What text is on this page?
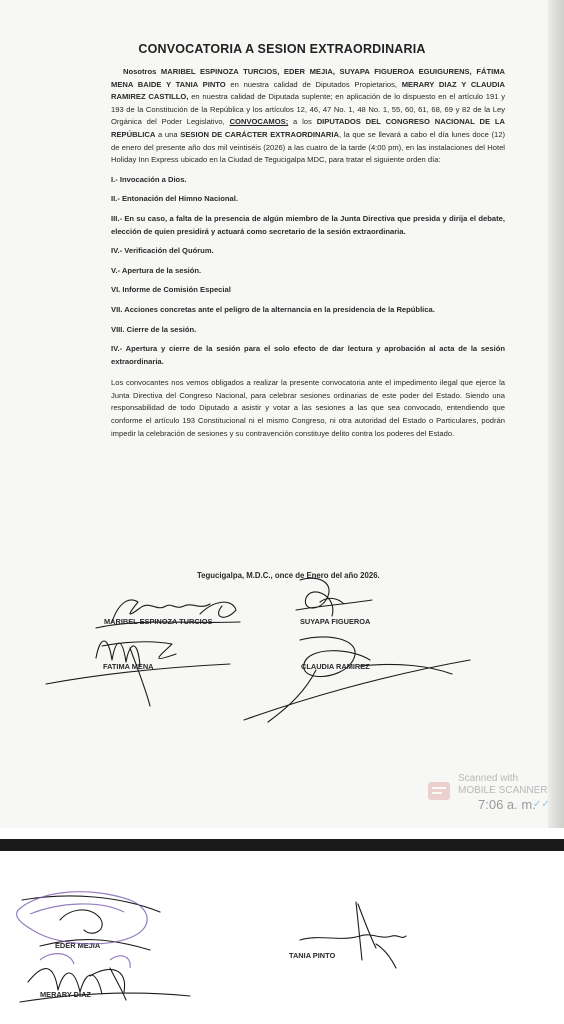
CONVOCATORIA A SESION EXTRAORDINARIA

Nosotros MARIBEL ESPINOZA TURCIOS, EDER MEJIA, SUYAPA FIGUEROA EGUIGURENS, FÁTIMA MENA BAIDE Y TANIA PINTO en nuestra calidad de Diputados Propietarios, MERARY DIAZ Y CLAUDIA RAMIREZ CASTILLO, en nuestra calidad de Diputada suplente; en aplicación de lo dispuesto en el artículo 191 y 193 de la Constitución de la República y los artículos 12, 46, 47 No. 1, 48 No. 1, 55, 60, 61, 68, 69 y 82 de la Ley Orgánica del Poder Legislativo, CONVOCAMOS; a los DIPUTADOS DEL CONGRESO NACIONAL DE LA REPÚBLICA a una SESION DE CARÁCTER EXTRAORDINARIA, la que se llevará a cabo el día lunes doce (12) de enero del presente año dos mil veintiséis (2026) a las cuatro de la tarde (4:00 pm), en las instalaciones del Hotel Holiday Inn Express ubicado en la Ciudad de Tegucigalpa MDC, para tratar el siguiente orden día:

I.- Invocación a Dios.

II.- Entonación del Himno Nacional.

III.- En su caso, a falta de la presencia de algún miembro de la Junta Directiva que presida y dirija el debate, elección de quien presidirá y actuará como secretario de la sesión extraordinaria.

IV.- Verificación del Quórum.

V.- Apertura de la sesión.

VI. Informe de Comisión Especial

VII. Acciones concretas ante el peligro de la alternancia en la presidencia de la República.

VIII. Cierre de la sesión.

IV.- Apertura y cierre de la sesión para el solo efecto de dar lectura y aprobación al acta de la sesión extraordinaria.

Los convocantes nos vemos obligados a realizar la presente convocatoria ante el impedimento ilegal que ejerce la Junta Directiva del Congreso Nacional, para celebrar sesiones ordinarias de este poder del Estado. Siendo una responsabilidad de todo Diputado a asistir y votar a las sesiones a las que sea convocado, entendiendo que conforme el artículo 193 Constitucional ni el mismo Congreso, ni otra autoridad del Estado o Particulares, podrán impedir la celebración de sesiones y su contravención constituye delito contra los poderes del Estado.

Tegucigalpa, M.D.C., once de Enero del año 2026.
MARIBEL ESPINOZA TURCIOS	SUYAPA FIGUEROA
FATIMA MENA	CLAUDIA RAMIREZ
Scanned with
MOBILE SCANNER
7:06 a. m.
✓✓
EDER MEJIA
TANIA PINTO
MERARY DIAZ
